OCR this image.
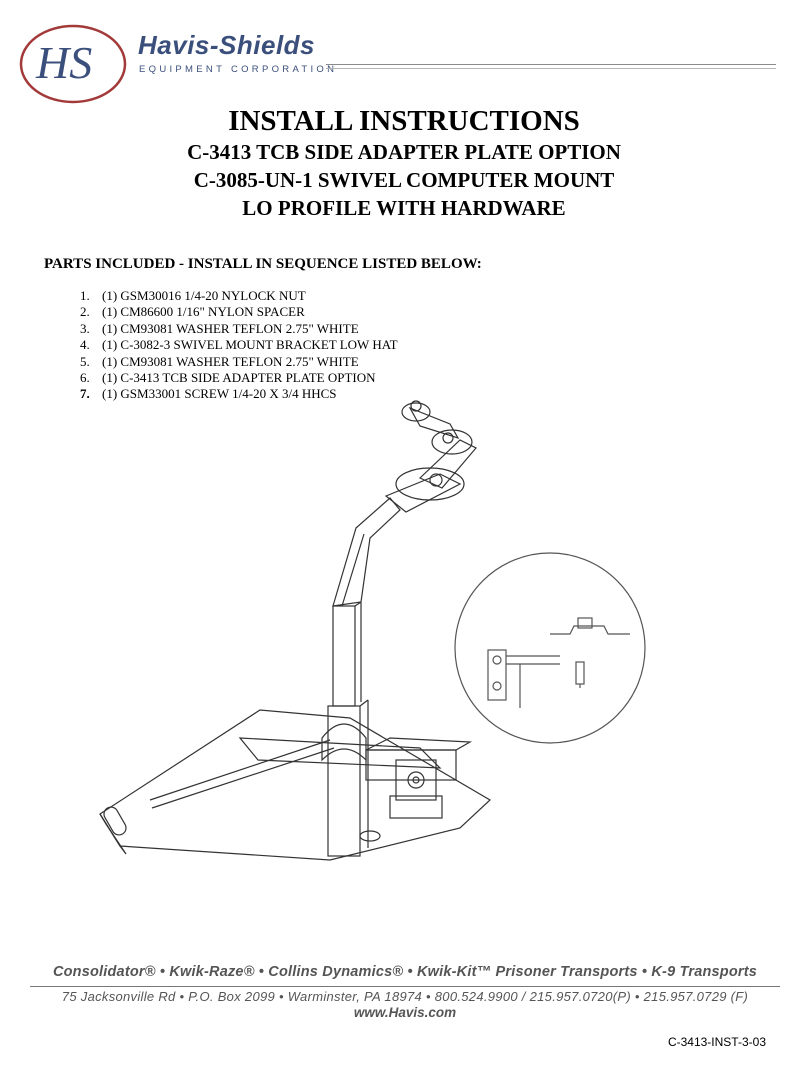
HS Havis-Shields
EQUIPMENT CORPORATION
INSTALL INSTRUCTIONS
C-3413 TCB SIDE ADAPTER PLATE OPTION
C-3085-UN-1 SWIVEL COMPUTER MOUNT
LO PROFILE WITH HARDWARE
PARTS INCLUDED - INSTALL IN SEQUENCE LISTED BELOW:
1. (1) GSM30016 1/4-20 NYLOCK NUT
2. (1) CM86600 1/16" NYLON SPACER
3. (1) CM93081 WASHER TEFLON 2.75" WHITE
4. (1) C-3082-3 SWIVEL MOUNT BRACKET LOW HAT
5. (1) CM93081 WASHER TEFLON 2.75" WHITE
6. (1) C-3413 TCB SIDE ADAPTER PLATE OPTION
7. (1) GSM33001 SCREW 1/4-20 X 3/4 HHCS
Consolidator® • Kwik-Raze® • Collins Dynamics® • Kwik-Kit™ Prisoner Transports • K-9 Transports
75 Jacksonville Rd • P.O. Box 2099 • Warminster, PA 18974 • 800.524.9900 / 215.957.0720(P) • 215.957.0729 (F)
www.Havis.com
C-3413-INST-3-03
